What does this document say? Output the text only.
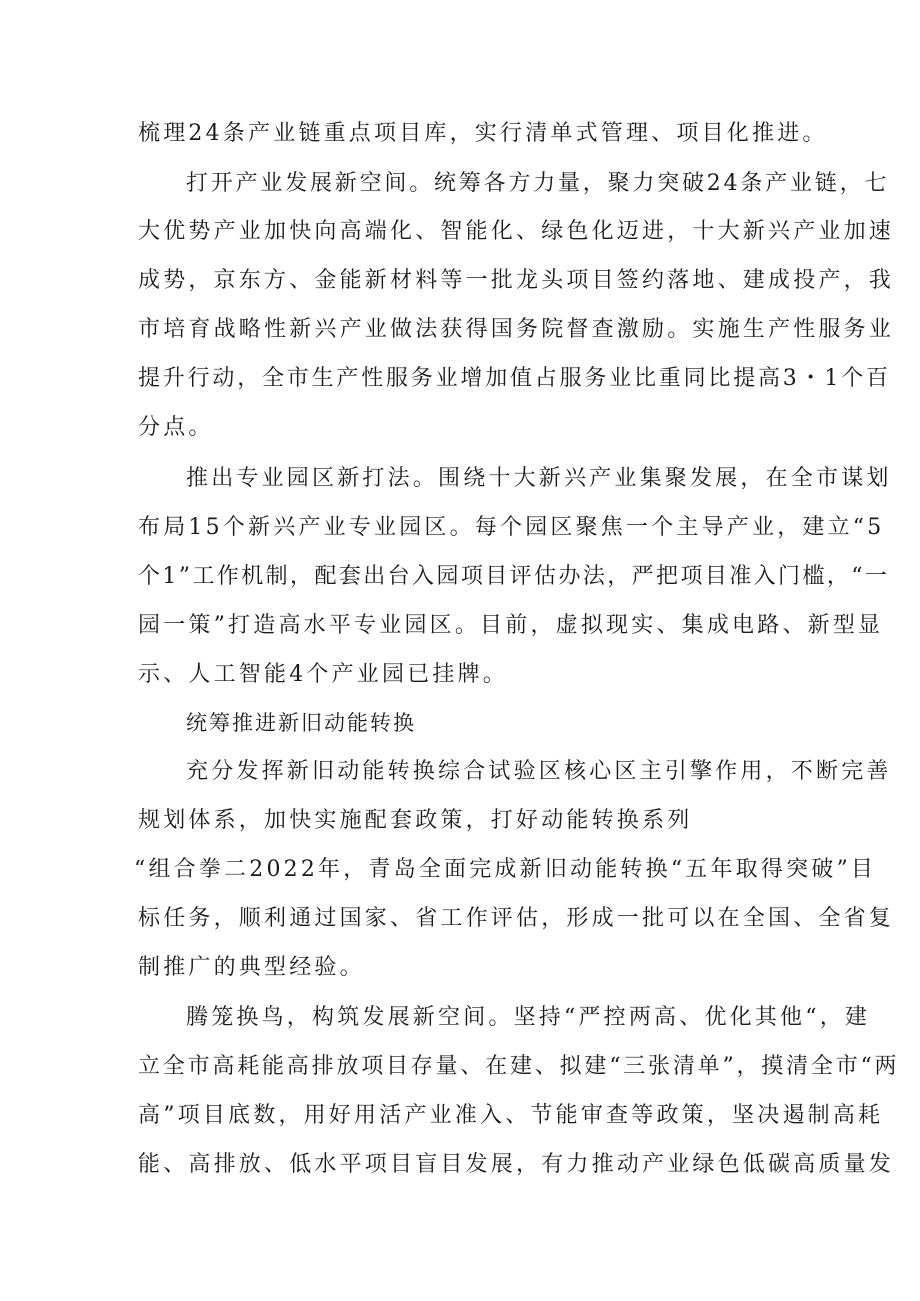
梳理24条产业链重点项目库，实行清单式管理、项目化推进。
打开产业发展新空间。统筹各方力量，聚力突破24条产业链，七
大优势产业加快向高端化、智能化、绿色化迈进，十大新兴产业加速
成势，京东方、金能新材料等一批龙头项目签约落地、建成投产，我
市培育战略性新兴产业做法获得国务院督查激励。实施生产性服务业
提升行动，全市生产性服务业增加值占服务业比重同比提高3・1个百
分点。
推出专业园区新打法。围绕十大新兴产业集聚发展，在全市谋划
布局15个新兴产业专业园区。每个园区聚焦一个主导产业，建立“5
个1”工作机制，配套出台入园项目评估办法，严把项目准入门槛，“一
园一策”打造高水平专业园区。目前，虚拟现实、集成电路、新型显
示、人工智能4个产业园已挂牌。
统筹推进新旧动能转换
充分发挥新旧动能转换综合试验区核心区主引擎作用，不断完善
规划体系，加快实施配套政策，打好动能转换系列
“组合拳二2022年，青岛全面完成新旧动能转换“五年取得突破”目
标任务，顺利通过国家、省工作评估，形成一批可以在全国、全省复
制推广的典型经验。
腾笼换鸟，构筑发展新空间。坚持“严控两高、优化其他“，建
立全市高耗能高排放项目存量、在建、拟建“三张清单”，摸清全市“两
高”项目底数，用好用活产业准入、节能审查等政策，坚决遏制高耗
能、高排放、低水平项目盲目发展，有力推动产业绿色低碳高质量发
